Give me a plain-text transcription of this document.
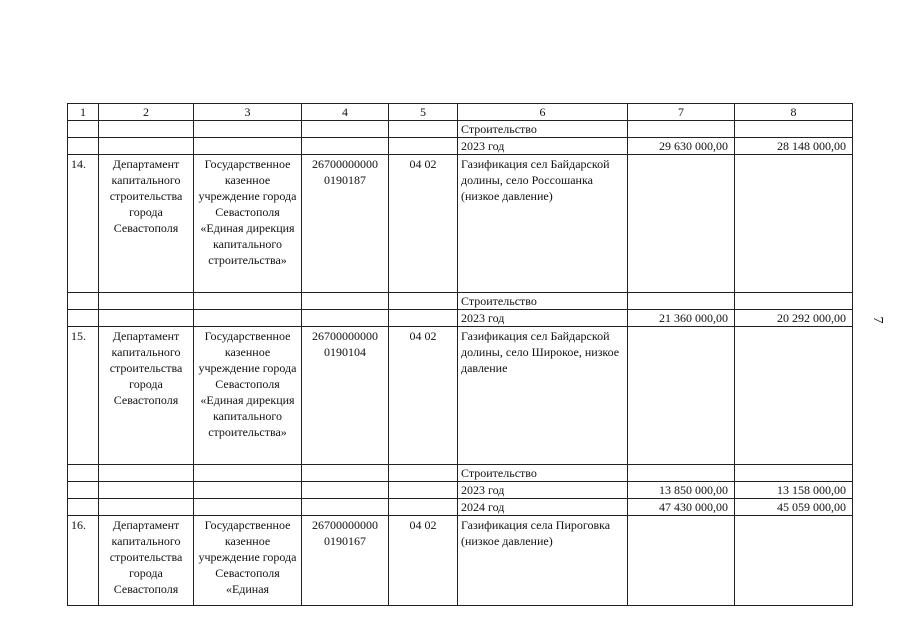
1	2	3	4	5	6	7	8
					Строительство		
					2023 год	29 630 000,00	28 148 000,00
14.	Департамент капитального строительства города Севастополя	Государственное казенное учреждение города Севастополя «Единая дирекция капитального строительства»	26700000000 0190187	04 02	Газификация сел Байдарской долины, село Россошанка (низкое давление)		
					Строительство		
					2023 год	21 360 000,00	20 292 000,00
15.	Департамент капитального строительства города Севастополя	Государственное казенное учреждение города Севастополя «Единая дирекция капитального строительства»	26700000000 0190104	04 02	Газификация сел Байдарской долины, село Широкое, низкое давление		
					Строительство		
					2023 год	13 850 000,00	13 158 000,00
					2024 год	47 430 000,00	45 059 000,00
16.	Департамент капитального строительства города Севастополя	Государственное казенное учреждение города Севастополя «Единая	26700000000 0190167	04 02	Газификация села Пироговка (низкое давление)		
7
